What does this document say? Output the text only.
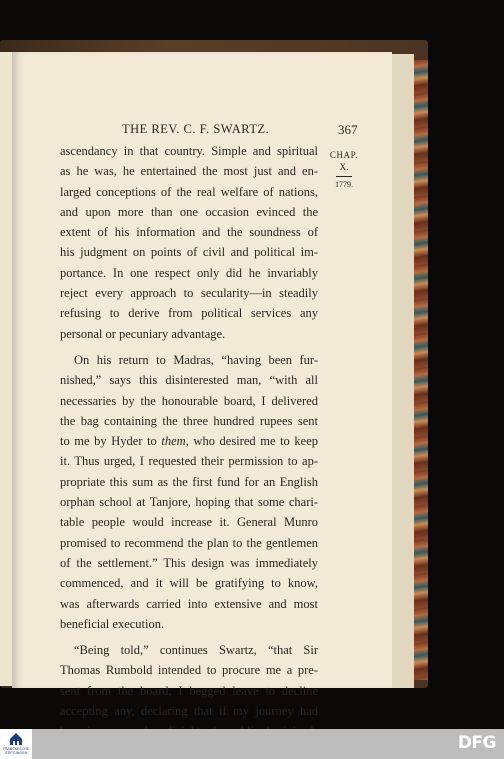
THE REV. C. F. SWARTZ.	367
CHAP.
X.
1779.
ascendancy in that country. Simple and spiritual
as he was, he entertained the most just and en-
larged conceptions of the real welfare of nations,
and upon more than one occasion evinced the
extent of his information and the soundness of
his judgment on points of civil and political im-
portance. In one respect only did he invariably
reject every approach to secularity—in steadily
refusing to derive from political services any
personal or pecuniary advantage.
On his return to Madras, “having been fur-
nished,” says this disinterested man, “with all
necessaries by the honourable board, I delivered
the bag containing the three hundred rupees sent
to me by Hyder to them, who desired me to keep
it. Thus urged, I requested their permission to ap-
propriate this sum as the first fund for an English
orphan school at Tanjore, hoping that some chari-
table people would increase it. General Munro
promised to recommend the plan to the gentlemen
of the settlement.” This design was immediately
commenced, and it will be gratifying to know,
was afterwards carried into extensive and most
beneficial execution.
“Being told,” continues Swartz, “that Sir
Thomas Rumbold intended to procure me a pre-
sent from the board, I begged leave to decline
accepting any, declaring that if my journey had
FRANCKESCHE STIFTUNGEN	DFG
